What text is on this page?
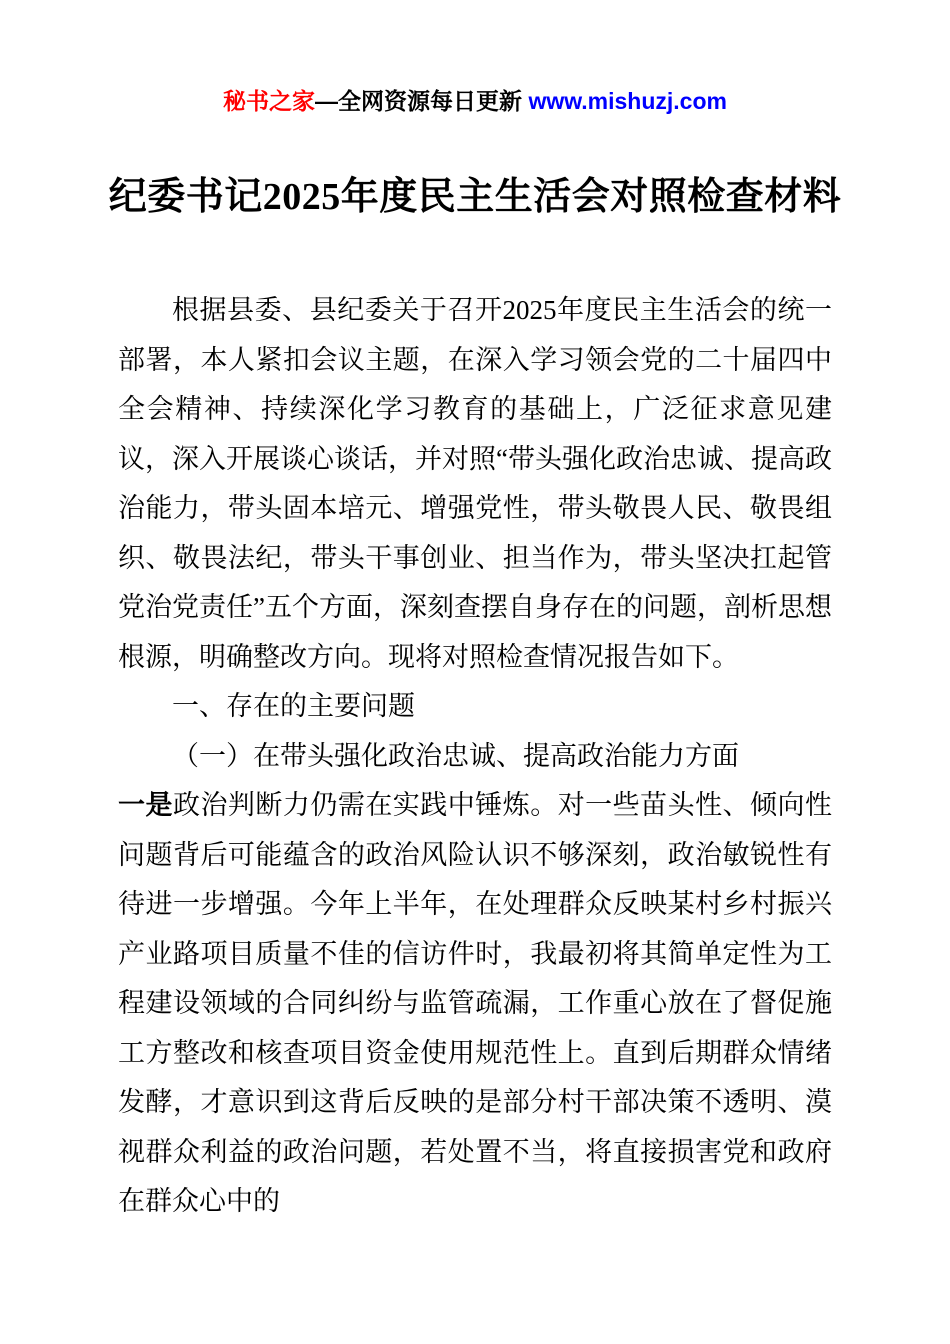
秘书之家—全网资源每日更新 www.mishuzj.com
纪委书记2025年度民主生活会对照检查材料

根据县委、县纪委关于召开2025年度民主生活会的统一部署，本人紧扣会议主题，在深入学习领会党的二十届四中全会精神、持续深化学习教育的基础上，广泛征求意见建议，深入开展谈心谈话，并对照“带头强化政治忠诚、提高政治能力，带头固本培元、增强党性，带头敬畏人民、敬畏组织、敬畏法纪，带头干事创业、担当作为，带头坚决扛起管党治党责任”五个方面，深刻查摆自身存在的问题，剖析思想根源，明确整改方向。现将对照检查情况报告如下。

一、存在的主要问题

（一）在带头强化政治忠诚、提高政治能力方面

一是政治判断力仍需在实践中锤炼。对一些苗头性、倾向性问题背后可能蕴含的政治风险认识不够深刻，政治敏锐性有待进一步增强。今年上半年，在处理群众反映某村乡村振兴产业路项目质量不佳的信访件时，我最初将其简单定性为工程建设领域的合同纠纷与监管疏漏，工作重心放在了督促施工方整改和核查项目资金使用规范性上。直到后期群众情绪发酵，才意识到这背后反映的是部分村干部决策不透明、漠视群众利益的政治问题，若处置不当，将直接损害党和政府在群众心中的
